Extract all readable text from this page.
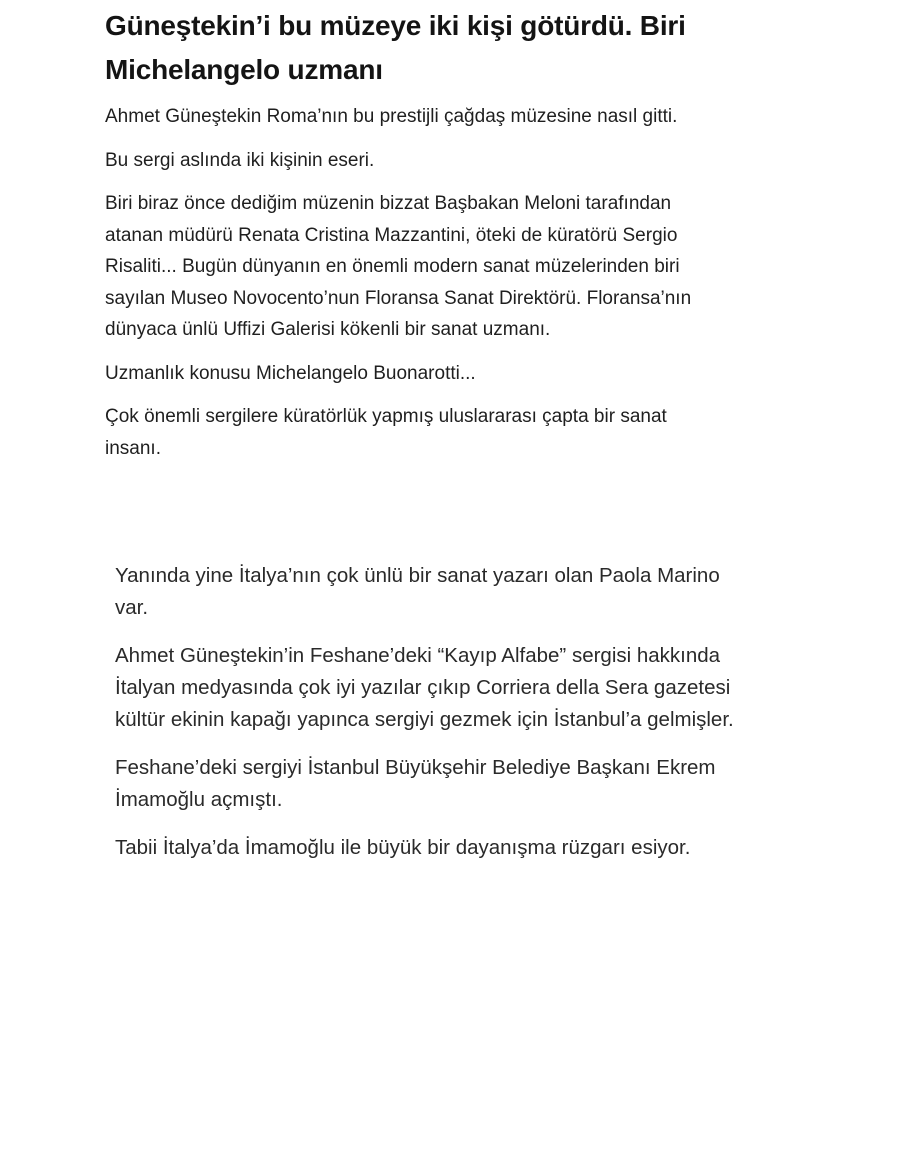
Güneştekin’i bu müzeye iki kişi götürdü. Biri Michelangelo uzmanı

Ahmet Güneştekin Roma’nın bu prestijli çağdaş müzesine nasıl gitti.

Bu sergi aslında iki kişinin eseri.

Biri biraz önce dediğim müzenin bizzat Başbakan Meloni tarafından atanan müdürü Renata Cristina Mazzantini, öteki de küratörü Sergio Risaliti... Bugün dünyanın en önemli modern sanat müzelerinden biri sayılan Museo Novocento’nun Floransa Sanat Direktörü. Floransa’nın dünyaca ünlü Uffizi Galerisi kökenli bir sanat uzmanı.

Uzmanlık konusu Michelangelo Buonarotti...

Çok önemli sergilere küratörlük yapmış uluslararası çapta bir sanat insanı.

Yanında yine İtalya’nın çok ünlü bir sanat yazarı olan Paola Marino var.

Ahmet Güneştekin’in Feshane’deki “Kayıp Alfabe” sergisi hakkında İtalyan medyasında çok iyi yazılar çıkıp Corriera della Sera gazetesi kültür ekinin kapağı yapınca sergiyi gezmek için İstanbul’a gelmişler.

Feshane’deki sergiyi İstanbul Büyükşehir Belediye Başkanı Ekrem İmamoğlu açmıştı.

Tabii İtalya’da İmamoğlu ile büyük bir dayanışma rüzgarı esiyor.
